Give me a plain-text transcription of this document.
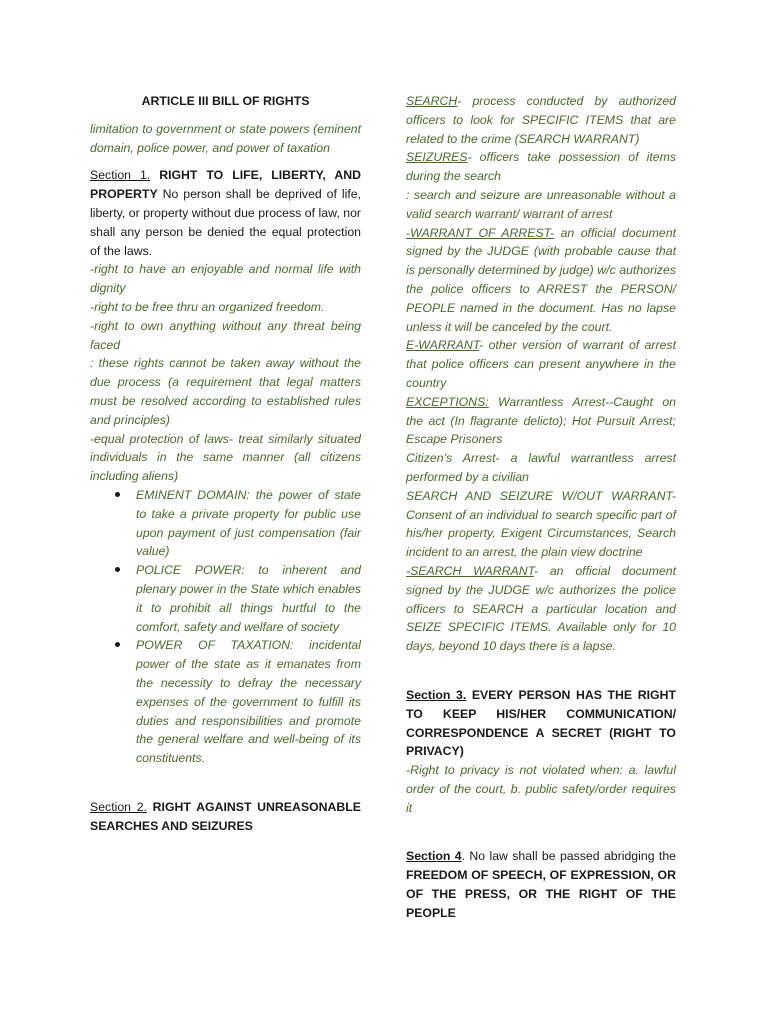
ARTICLE III BILL OF RIGHTS

limitation to government or state powers (eminent domain, police power, and power of taxation

Section 1. RIGHT TO LIFE, LIBERTY, AND PROPERTY No person shall be deprived of life, liberty, or property without due process of law, nor shall any person be denied the equal protection of the laws.

-right to have an enjoyable and normal life with dignity

-right to be free thru an organized freedom.

-right to own anything without any threat being faced

: these rights cannot be taken away without the due process (a requirement that legal matters must be resolved according to established rules and principles)

-equal protection of laws- treat similarly situated individuals in the same manner (all citizens including aliens)

EMINENT DOMAIN: the power of state to take a private property for public use upon payment of just compensation (fair value)
POLICE POWER: to inherent and plenary power in the State which enables it to prohibit all things hurtful to the comfort, safety and welfare of society
POWER OF TAXATION: incidental power of the state as it emanates from the necessity to defray the necessary expenses of the government to fulfill its duties and responsibilities and promote the general welfare and well-being of its constituents.

Section 2. RIGHT AGAINST UNREASONABLE SEARCHES AND SEIZURES

SEARCH- process conducted by authorized officers to look for SPECIFIC ITEMS that are related to the crime (SEARCH WARRANT)

SEIZURES- officers take possession of items during the search

: search and seizure are unreasonable without a valid search warrant/ warrant of arrest

-WARRANT OF ARREST- an official document signed by the JUDGE (with probable cause that is personally determined by judge) w/c authorizes the police officers to ARREST the PERSON/ PEOPLE named in the document. Has no lapse unless it will be canceled by the court.

E-WARRANT- other version of warrant of arrest that police officers can present anywhere in the country

EXCEPTIONS: Warrantless Arrest--Caught on the act (In flagrante delicto); Hot Pursuit Arrest; Escape Prisoners

Citizen’s Arrest- a lawful warrantless arrest performed by a civilian

SEARCH AND SEIZURE W/OUT WARRANT- Consent of an individual to search specific part of his/her property, Exigent Circumstances, Search incident to an arrest, the plain view doctrine

-SEARCH WARRANT- an official document signed by the JUDGE w/c authorizes the police officers to SEARCH a particular location and SEIZE SPECIFIC ITEMS. Available only for 10 days, beyond 10 days there is a lapse.

Section 3. EVERY PERSON HAS THE RIGHT TO KEEP HIS/HER COMMUNICATION/ CORRESPONDENCE A SECRET (RIGHT TO PRIVACY)

-Right to privacy is not violated when: a. lawful order of the court, b. public safety/order requires it

Section 4. No law shall be passed abridging the FREEDOM OF SPEECH, OF EXPRESSION, OR OF THE PRESS, OR THE RIGHT OF THE PEOPLE
